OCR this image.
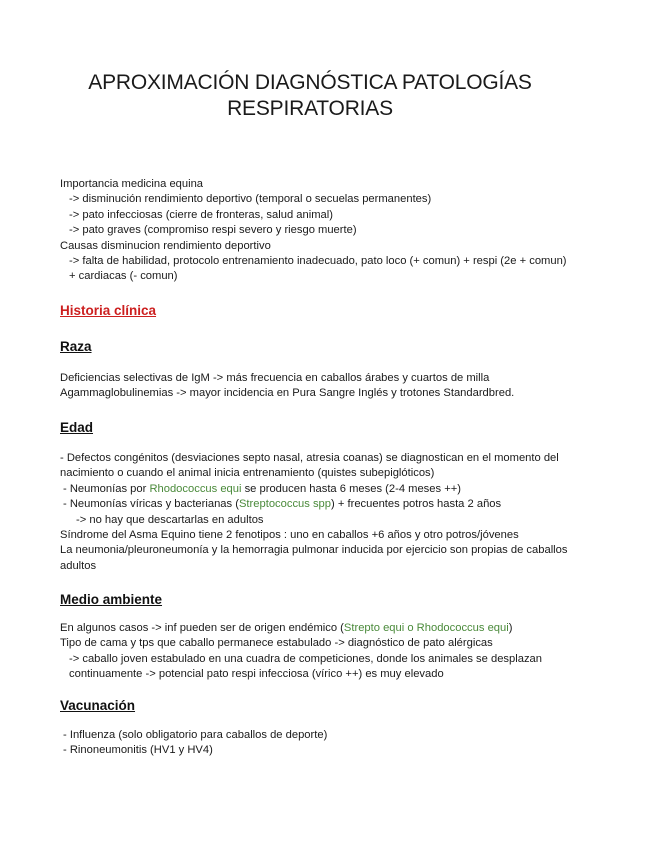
APROXIMACIÓN DIAGNÓSTICA PATOLOGÍAS
RESPIRATORIAS

Importancia medicina equina

-> disminución rendimiento deportivo (temporal o secuelas permanentes)

-> pato infecciosas (cierre de fronteras, salud animal)

-> pato graves (compromiso respi severo y riesgo muerte)

Causas disminucion rendimiento deportivo

-> falta de habilidad, protocolo entrenamiento inadecuado, pato loco (+ comun) + respi (2e + comun) + cardiacas (- comun)

Historia clínica
Raza

Deficiencias selectivas de IgM -> más frecuencia en caballos árabes y cuartos de milla

Agammaglobulinemias -> mayor incidencia en Pura Sangre Inglés y trotones Standardbred.

Edad

- Defectos congénitos (desviaciones septo nasal, atresia coanas) se diagnostican en el momento del nacimiento o cuando el animal inicia entrenamiento (quistes subepiglóticos)

- Neumonías por Rhodococcus equi se producen hasta 6 meses (2-4 meses ++)

- Neumonías víricas y bacterianas (Streptococcus spp) + frecuentes potros hasta 2 años

-> no hay que descartarlas en adultos

Síndrome del Asma Equino tiene 2 fenotipos : uno en caballos +6 años y otro potros/jóvenes

La neumonia/pleuroneumonía y la hemorragia pulmonar inducida por ejercicio son propias de caballos adultos

Medio ambiente

En algunos casos -> inf pueden ser de origen endémico (Strepto equi o Rhodococcus equi)

Tipo de cama y tps que caballo permanece estabulado -> diagnóstico de pato alérgicas

-> caballo joven estabulado en una cuadra de competiciones, donde los animales se desplazan continuamente -> potencial pato respi infecciosa (vírico ++) es muy elevado

Vacunación

- Influenza (solo obligatorio para caballos de deporte)

- Rinoneumonitis (HV1 y HV4)
